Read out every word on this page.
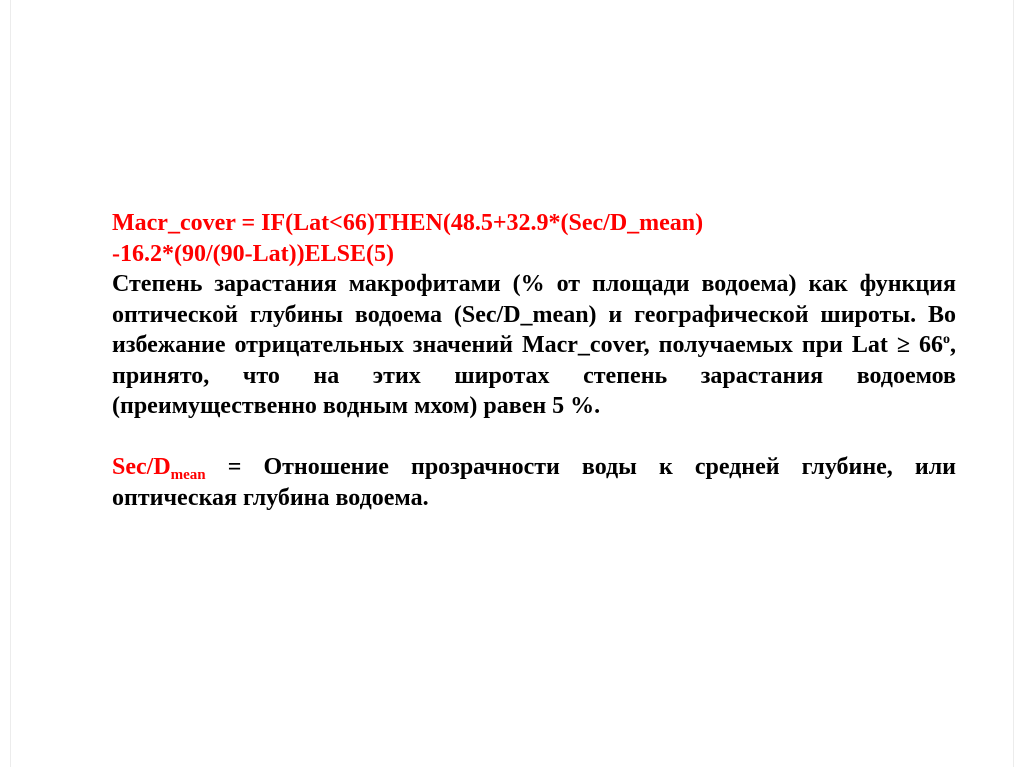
Macr_cover = IF(Lat<66)THEN(48.5+32.9*(Sec/D_mean)
-16.2*(90/(90-Lat))ELSE(5)

Степень зарастания макрофитами (% от площади водоема) как функция оптической глубины водоема (Sec/D_mean) и географической широты. Во избежание отрицательных значений Macr_cover, получаемых при Lat ≥ $66^o$, принято, что на этих широтах степень зарастания водоемов (преимущественно водным мхом) равен 5 %.

Sec/$D_{mean}$ = Отношение прозрачности воды к средней глубине, или оптическая глубина водоема.
